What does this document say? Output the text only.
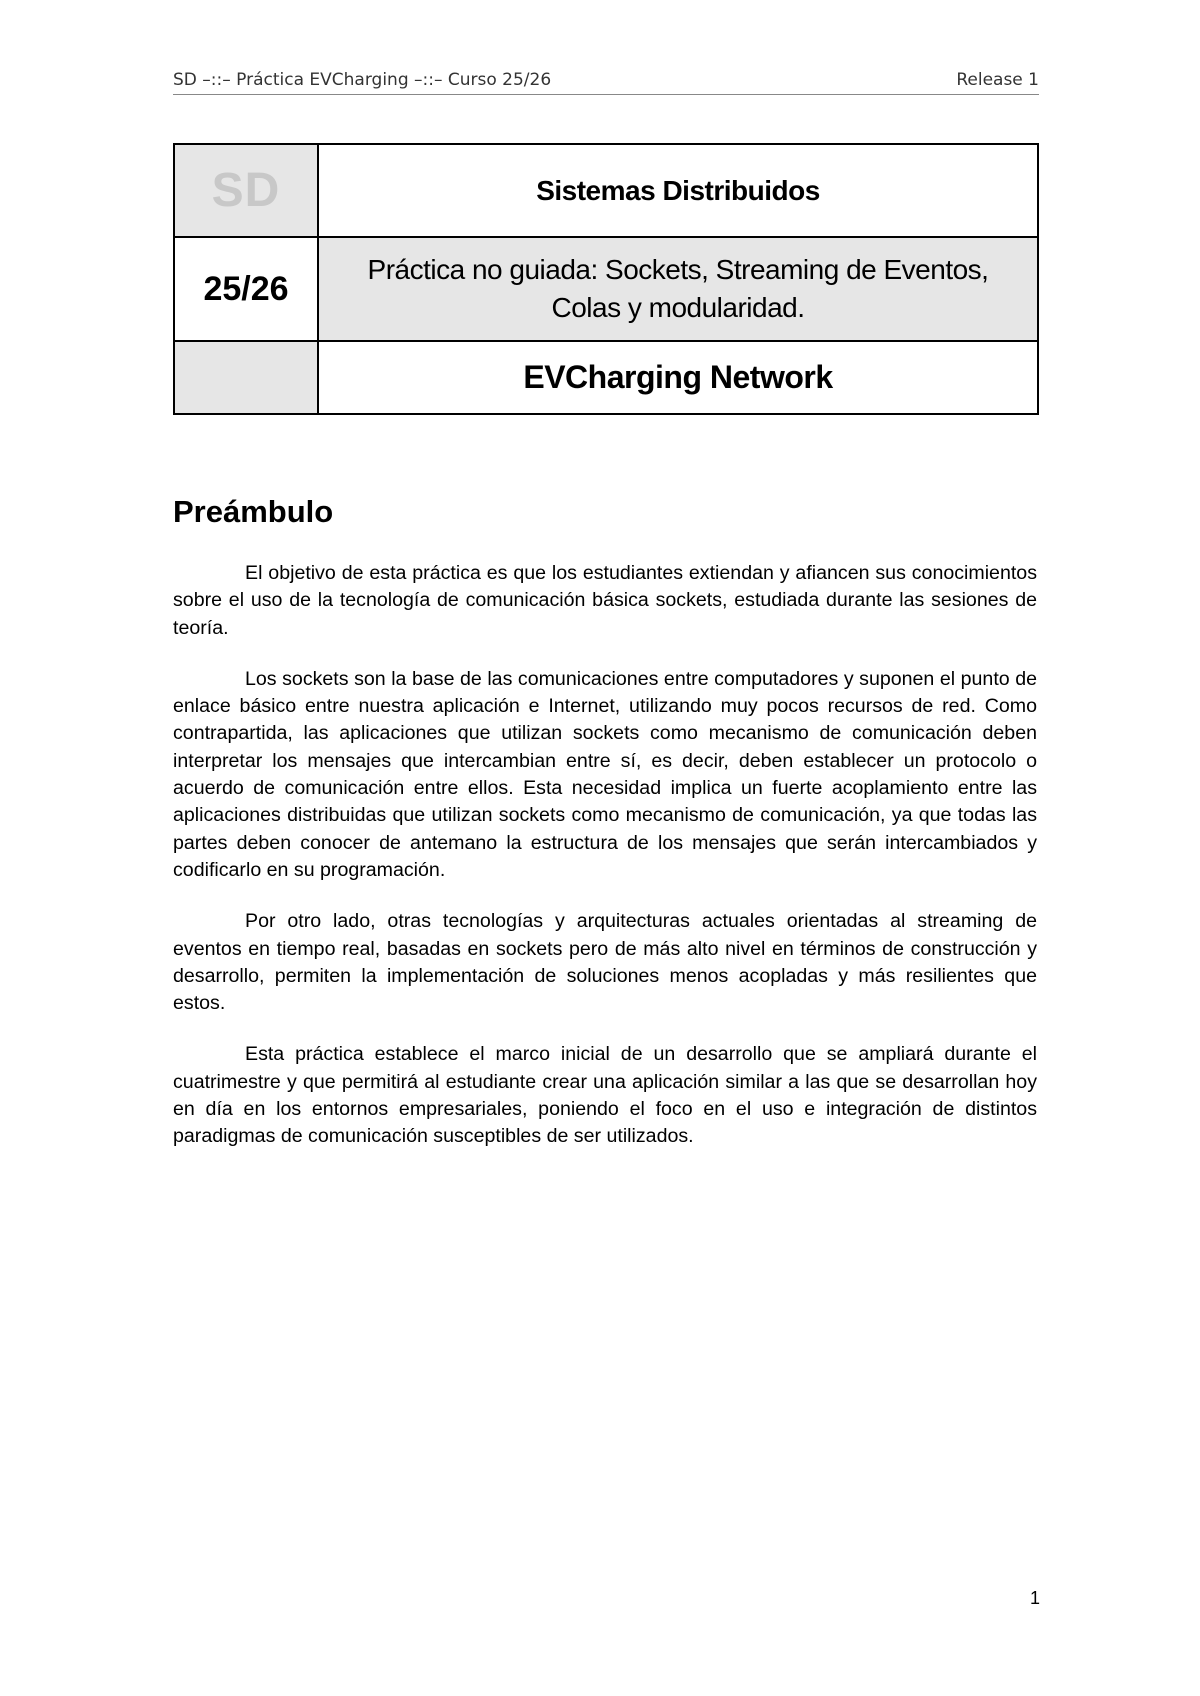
SD –::– Práctica EVCharging –::– Curso 25/26	Release 1
SD	Sistemas Distribuidos
25/26	Práctica no guiada: Sockets, Streaming de Eventos,
Colas y modularidad.

	EVCharging Network
Preámbulo

El objetivo de esta práctica es que los estudiantes extiendan y afiancen sus conocimientos sobre el uso de la tecnología de comunicación básica sockets, estudiada durante las sesiones de teoría.

Los sockets son la base de las comunicaciones entre computadores y suponen el punto de enlace básico entre nuestra aplicación e Internet, utilizando muy pocos recursos de red. Como contrapartida, las aplicaciones que utilizan sockets como mecanismo de comunicación deben interpretar los mensajes que intercambian entre sí, es decir, deben establecer un protocolo o acuerdo de comunicación entre ellos. Esta necesidad implica un fuerte acoplamiento entre las aplicaciones distribuidas que utilizan sockets como mecanismo de comunicación, ya que todas las partes deben conocer de antemano la estructura de los mensajes que serán intercambiados y codificarlo en su programación.

Por otro lado, otras tecnologías y arquitecturas actuales orientadas al streaming de eventos en tiempo real, basadas en sockets pero de más alto nivel en términos de construcción y desarrollo, permiten la implementación de soluciones menos acopladas y más resilientes que estos.

Esta práctica establece el marco inicial de un desarrollo que se ampliará durante el cuatrimestre y que permitirá al estudiante crear una aplicación similar a las que se desarrollan hoy en día en los entornos empresariales, poniendo el foco en el uso e integración de distintos paradigmas de comunicación susceptibles de ser utilizados.

1
